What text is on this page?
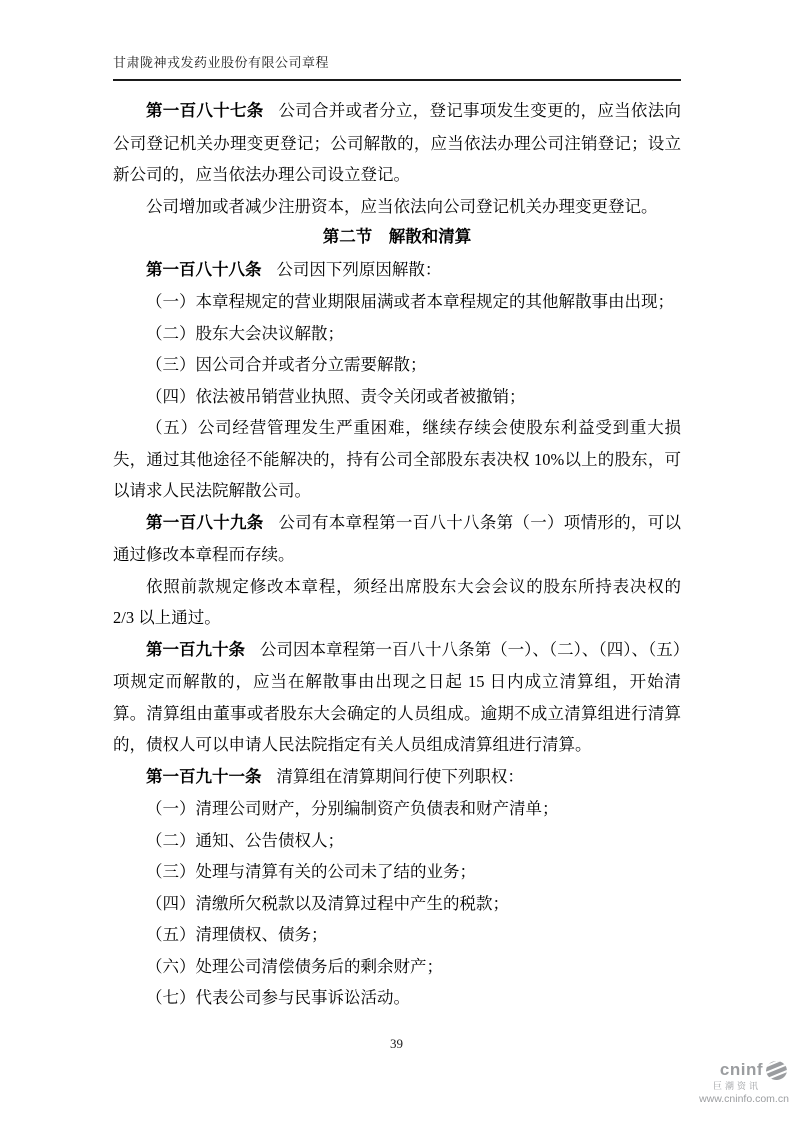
甘肃陇神戎发药业股份有限公司章程

第一百八十七条 公司合并或者分立，登记事项发生变更的，应当依法向公司登记机关办理变更登记；公司解散的，应当依法办理公司注销登记；设立新公司的，应当依法办理公司设立登记。

公司增加或者减少注册资本，应当依法向公司登记机关办理变更登记。

第二节　解散和清算

第一百八十八条 公司因下列原因解散：

（一）本章程规定的营业期限届满或者本章程规定的其他解散事由出现；

（二）股东大会决议解散；

（三）因公司合并或者分立需要解散；

（四）依法被吊销营业执照、责令关闭或者被撤销；

（五）公司经营管理发生严重困难，继续存续会使股东利益受到重大损失，通过其他途径不能解决的，持有公司全部股东表决权 10%以上的股东，可以请求人民法院解散公司。

第一百八十九条 公司有本章程第一百八十八条第（一）项情形的，可以通过修改本章程而存续。

依照前款规定修改本章程，须经出席股东大会会议的股东所持表决权的 2/3 以上通过。

第一百九十条 公司因本章程第一百八十八条第（一）、（二）、（四）、（五）项规定而解散的，应当在解散事由出现之日起 15 日内成立清算组，开始清算。清算组由董事或者股东大会确定的人员组成。逾期不成立清算组进行清算的，债权人可以申请人民法院指定有关人员组成清算组进行清算。

第一百九十一条 清算组在清算期间行使下列职权：

（一）清理公司财产，分别编制资产负债表和财产清单；

（二）通知、公告债权人；

（三）处理与清算有关的公司未了结的业务；

（四）清缴所欠税款以及清算过程中产生的税款；

（五）清理债权、债务；

（六）处理公司清偿债务后的剩余财产；

（七）代表公司参与民事诉讼活动。

39
cninf
巨潮资讯
www.cninfo.com.cn
